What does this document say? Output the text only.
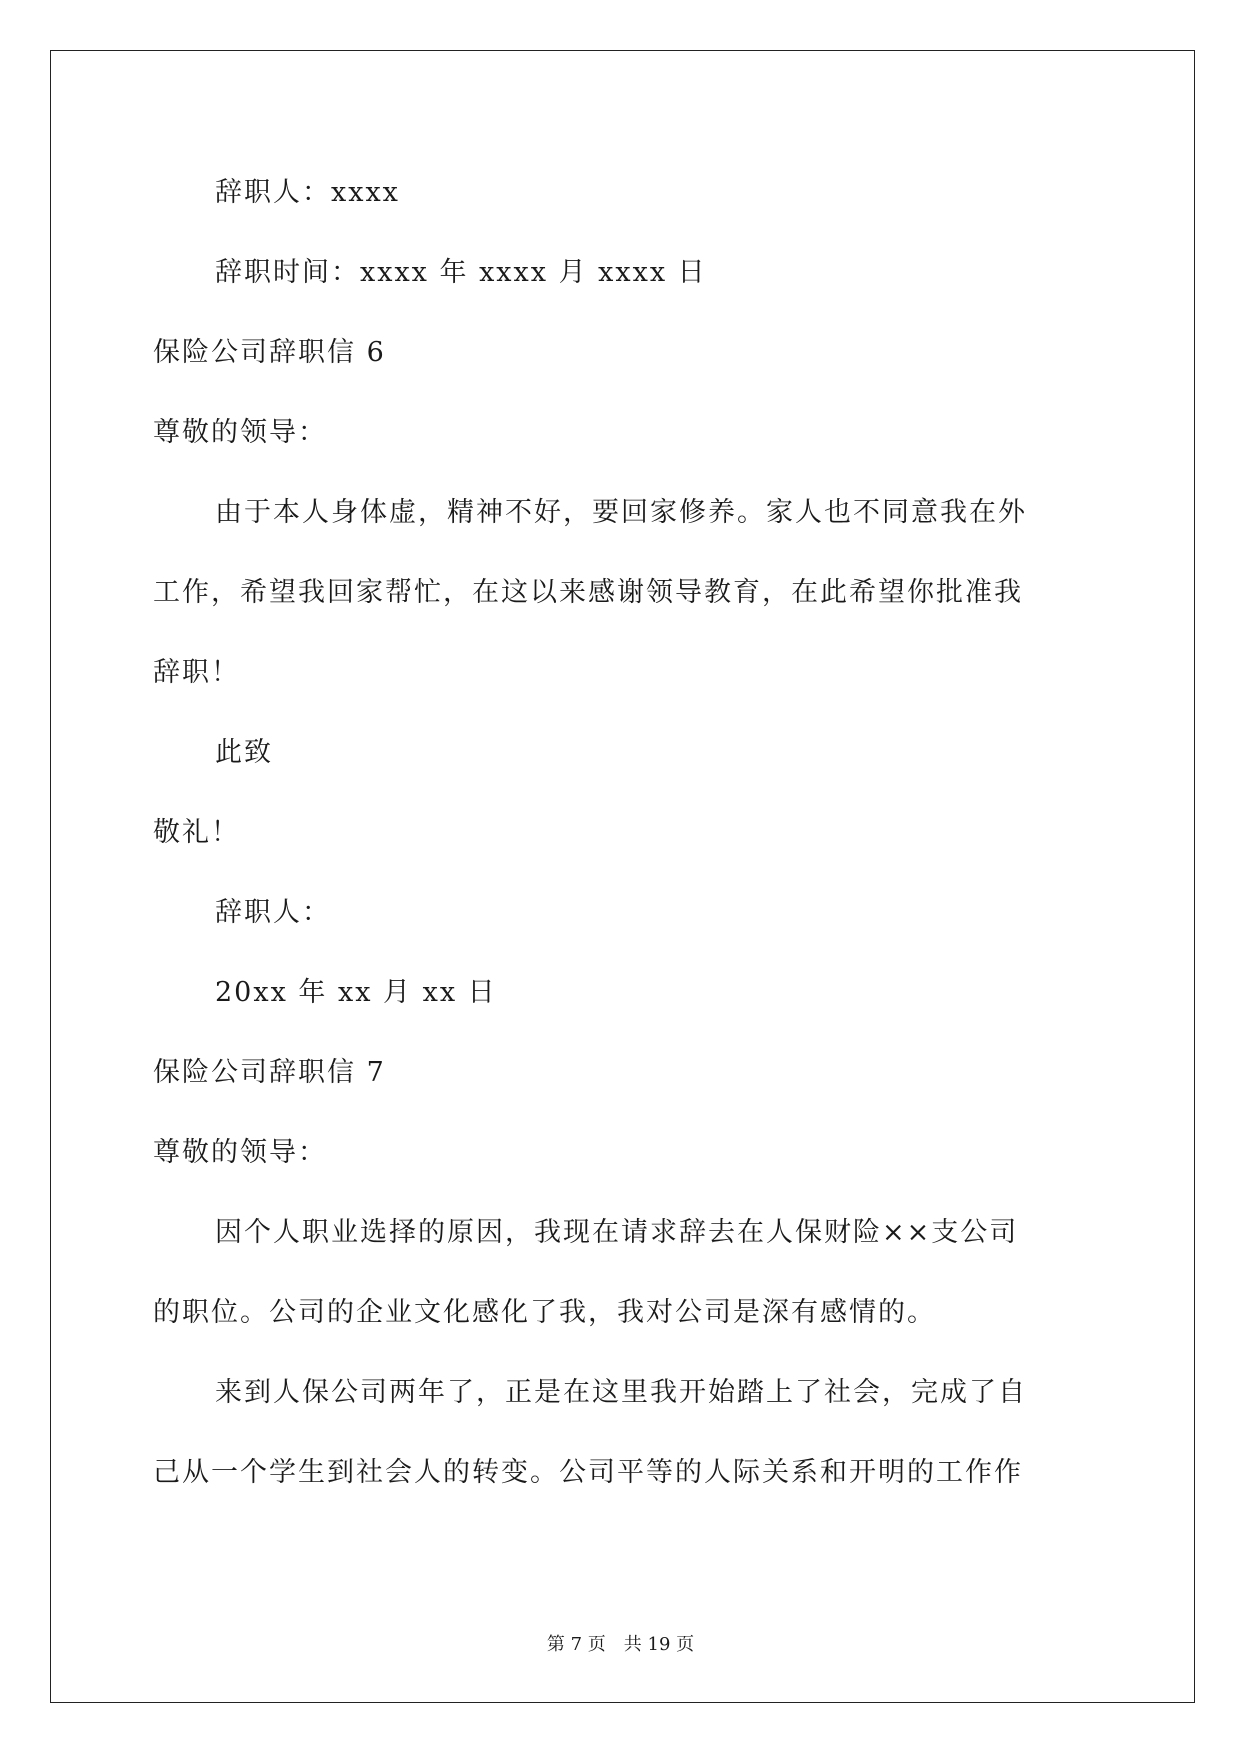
辞职人：xxxx
辞职时间：xxxx 年 xxxx 月 xxxx 日
保险公司辞职信 6
尊敬的领导：
由于本人身体虚，精神不好，要回家修养。家人也不同意我在外
工作，希望我回家帮忙，在这以来感谢领导教育，在此希望你批准我
辞职！
此致
敬礼！
辞职人：
20xx 年 xx 月 xx 日
保险公司辞职信 7
尊敬的领导：
因个人职业选择的原因，我现在请求辞去在人保财险××支公司
的职位。公司的企业文化感化了我，我对公司是深有感情的。
来到人保公司两年了，正是在这里我开始踏上了社会，完成了自
己从一个学生到社会人的转变。公司平等的人际关系和开明的工作作
第 7 页 共 19 页
